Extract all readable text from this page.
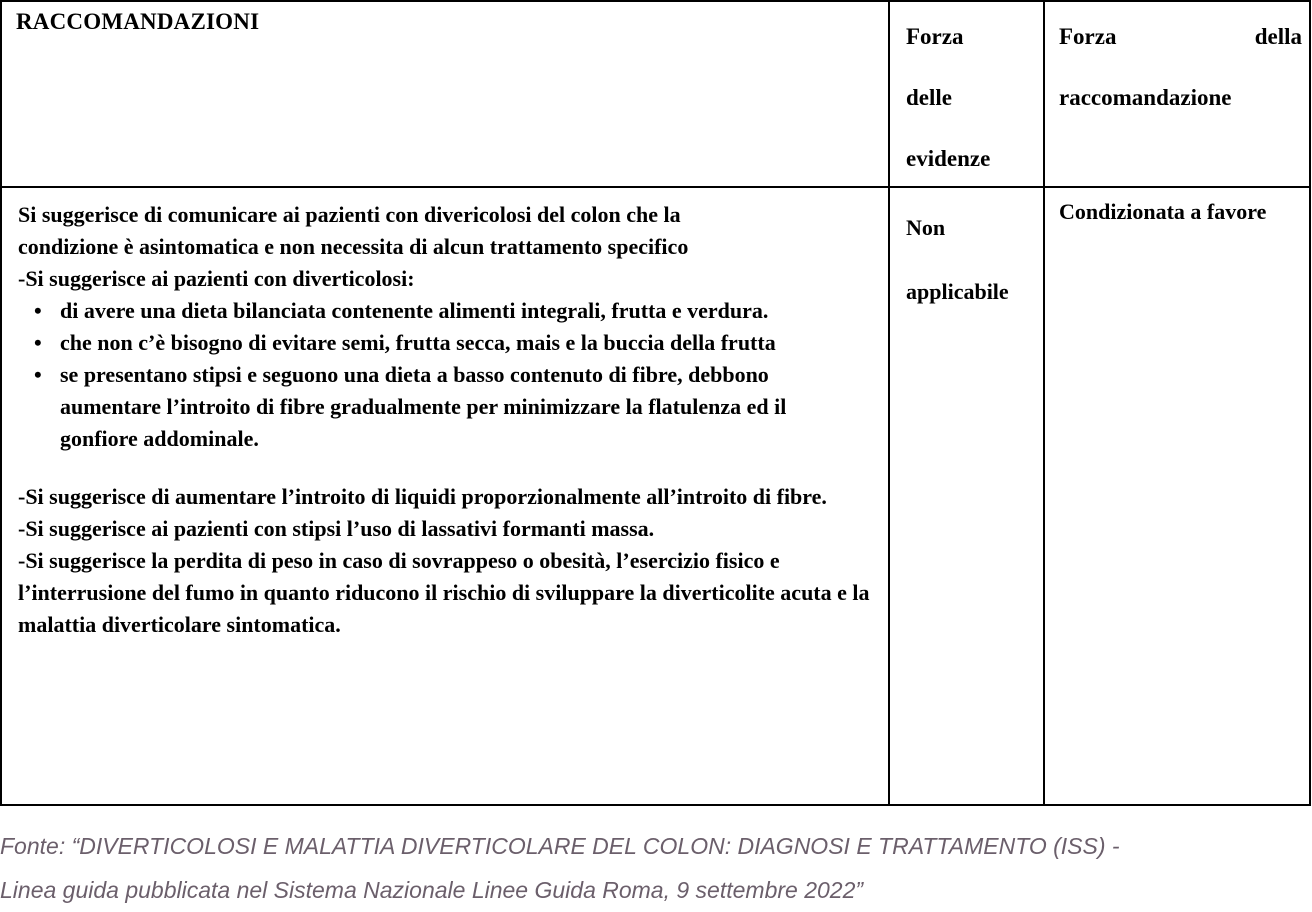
RACCOMANDAZIONI
Forza
delle
evidenze
Forza	della
raccomandazione

Si suggerisce di comunicare ai pazienti con divericolosi del colon che la

condizione è asintomatica e non necessita di alcun trattamento specifico

-Si suggerisce ai pazienti con diverticolosi:

• di avere una dieta bilanciata contenente alimenti integrali, frutta e verdura.
• che non c’è bisogno di evitare semi, frutta secca, mais e la buccia della frutta
• se presentano stipsi e seguono una dieta a basso contenuto di fibre, debbono aumentare l’introito di fibre gradualmente per minimizzare la flatulenza ed il gonfiore addominale.

-Si suggerisce di aumentare l’introito di liquidi proporzionalmente all’introito di fibre.

-Si suggerisce ai pazienti con stipsi l’uso di lassativi formanti massa.

-Si suggerisce la perdita di peso in caso di sovrappeso o obesità, l’esercizio fisico e l’interrusione del fumo in quanto riducono il rischio di sviluppare la diverticolite acuta e la malattia diverticolare sintomatica.

Non
applicabile
Condizionata a favore
Fonte: “DIVERTICOLOSI E MALATTIA DIVERTICOLARE DEL COLON: DIAGNOSI E TRATTAMENTO (ISS) -
Linea guida pubblicata nel Sistema Nazionale Linee Guida Roma, 9 settembre 2022”
